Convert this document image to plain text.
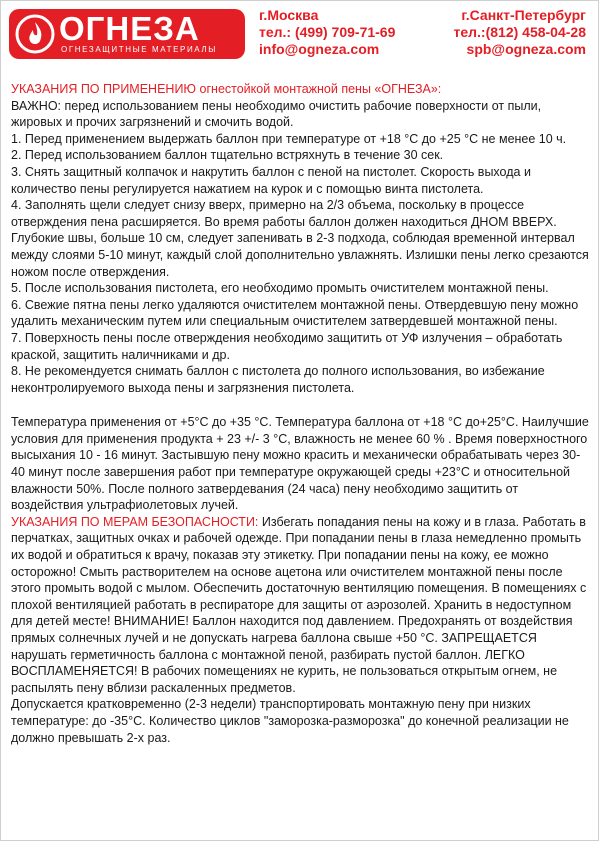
ОГНЕЗА
ОГНЕЗАЩИТНЫЕ МАТЕРИАЛЫ
г.Москва
тел.: (499) 709-71-69
info@ogneza.com
г.Санкт-Петербург
тел.:(812) 458-04-28
spb@ogneza.com

УКАЗАНИЯ ПО ПРИМЕНЕНИЮ огнестойкой монтажной пены «ОГНЕЗА»:

ВАЖНО: перед использованием пены необходимо очистить рабочие поверхности от пыли, жировых и прочих загрязнений и смочить водой.

1. Перед применением выдержать баллон при температуре от +18 °С до +25 °С не менее 10 ч.

2. Перед использованием баллон тщательно встряхнуть в течение 30 сек.

3. Снять защитный колпачок и накрутить баллон с пеной на пистолет. Скорость выхода и количество пены регулируется нажатием на курок и с помощью винта пистолета.

4. Заполнять щели следует снизу вверх, примерно на 2/3 объема, поскольку в процессе отверждения пена расширяется. Во время работы баллон должен находиться ДНОМ ВВЕРХ. Глубокие швы, больше 10 см, следует запенивать в 2-3 подхода, соблюдая временной интервал между слоями 5-10 минут, каждый слой дополнительно увлажнять. Излишки пены легко срезаются ножом после отверждения.

5. После использования пистолета, его необходимо промыть очистителем монтажной пены.

6. Свежие пятна пены легко удаляются очистителем монтажной пены. Отвердевшую пену можно удалить механическим путем или специальным очистителем затвердевшей монтажной пены.

7. Поверхность пены после отверждения необходимо защитить от УФ излучения – обработать краской, защитить наличниками и др.

8. Не рекомендуется снимать баллон с пистолета до полного использования, во избежание неконтролируемого выхода пены и загрязнения пистолета.

Температура применения от +5°С до +35 °С. Температура баллона от +18 °С до+25°С. Наилучшие условия для применения продукта + 23 +/- 3 °С, влажность не менее 60 % . Время поверхностного высыхания 10 - 16 минут. Застывшую пену можно красить и механически обрабатывать через 30-40 минут после завершения работ при температуре окружающей среды +23°С и относительной влажности 50%. После полного затвердевания (24 часа) пену необходимо защитить от воздействия ультрафиолетовых лучей.

УКАЗАНИЯ ПО МЕРАМ БЕЗОПАСНОСТИ: Избегать попадания пены на кожу и в глаза. Работать в перчатках, защитных очках и рабочей одежде. При попадании пены в глаза немедленно промыть их водой и обратиться к врачу, показав эту этикетку. При попадании пены на кожу, ее можно осторожно! Смыть растворителем на основе ацетона или очистителем монтажной пены после этого промыть водой с мылом. Обеспечить достаточную вентиляцию помещения. В помещениях с плохой вентиляцией работать в респираторе для защиты от аэрозолей. Хранить в недоступном для детей месте! ВНИМАНИЕ! Баллон находится под давлением. Предохранять от воздействия прямых солнечных лучей и не допускать нагрева баллона свыше +50 °С. ЗАПРЕЩАЕТСЯ нарушать герметичность баллона с монтажной пеной, разбирать пустой баллон. ЛЕГКО ВОСПЛАМЕНЯЕТСЯ! В рабочих помещениях не курить, не пользоваться открытым огнем, не распылять пену вблизи раскаленных предметов.

Допускается кратковременно (2-3 недели) транспортировать монтажную пену при низких температуре: до -35°С. Количество циклов "заморозка-разморозка" до конечной реализации не должно превышать 2-х раз.
